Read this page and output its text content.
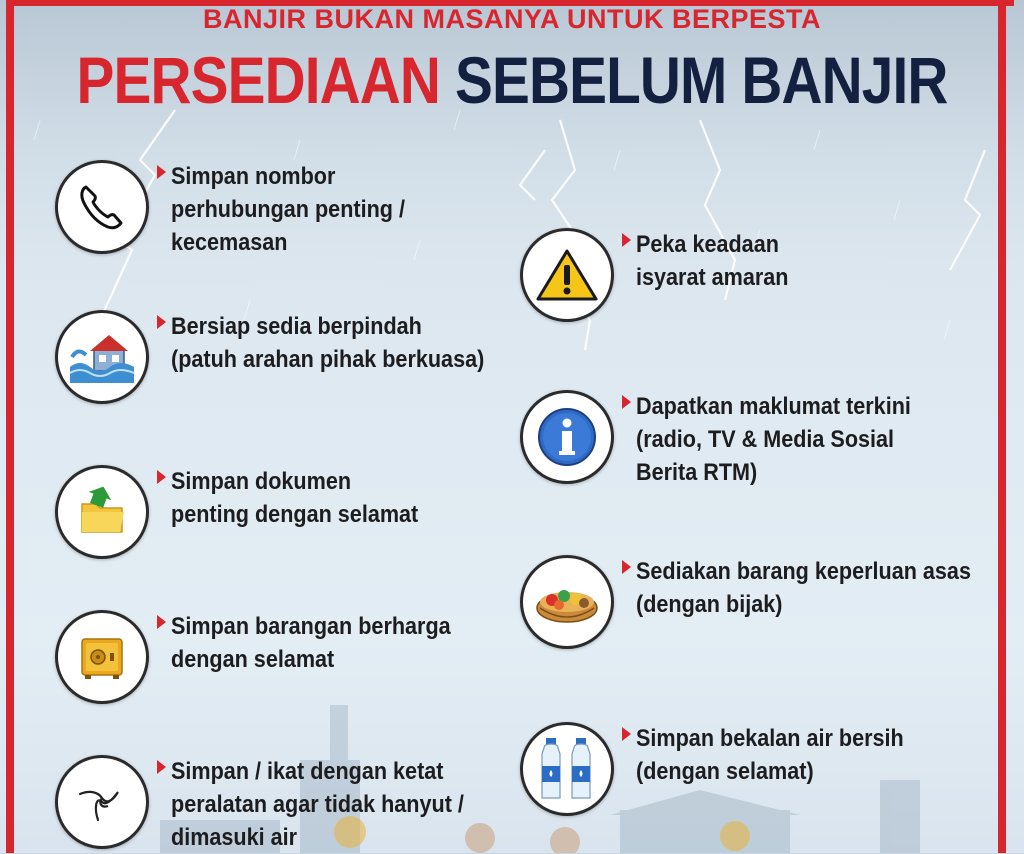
BANJIR BUKAN MASANYA UNTUK BERPESTA
PERSEDIAAN SEBELUM BANJIR
Simpan nombor
perhubungan penting /
kecemasan
Bersiap sedia berpindah
(patuh arahan pihak berkuasa)
Simpan dokumen
penting dengan selamat
Simpan barangan berharga
dengan selamat
Simpan / ikat dengan ketat
peralatan agar tidak hanyut /
dimasuki air
Peka keadaan
isyarat amaran
Dapatkan maklumat terkini
(radio, TV & Media Sosial
Berita RTM)
Sediakan barang keperluan asas
(dengan bijak)
Simpan bekalan air bersih
(dengan selamat)
